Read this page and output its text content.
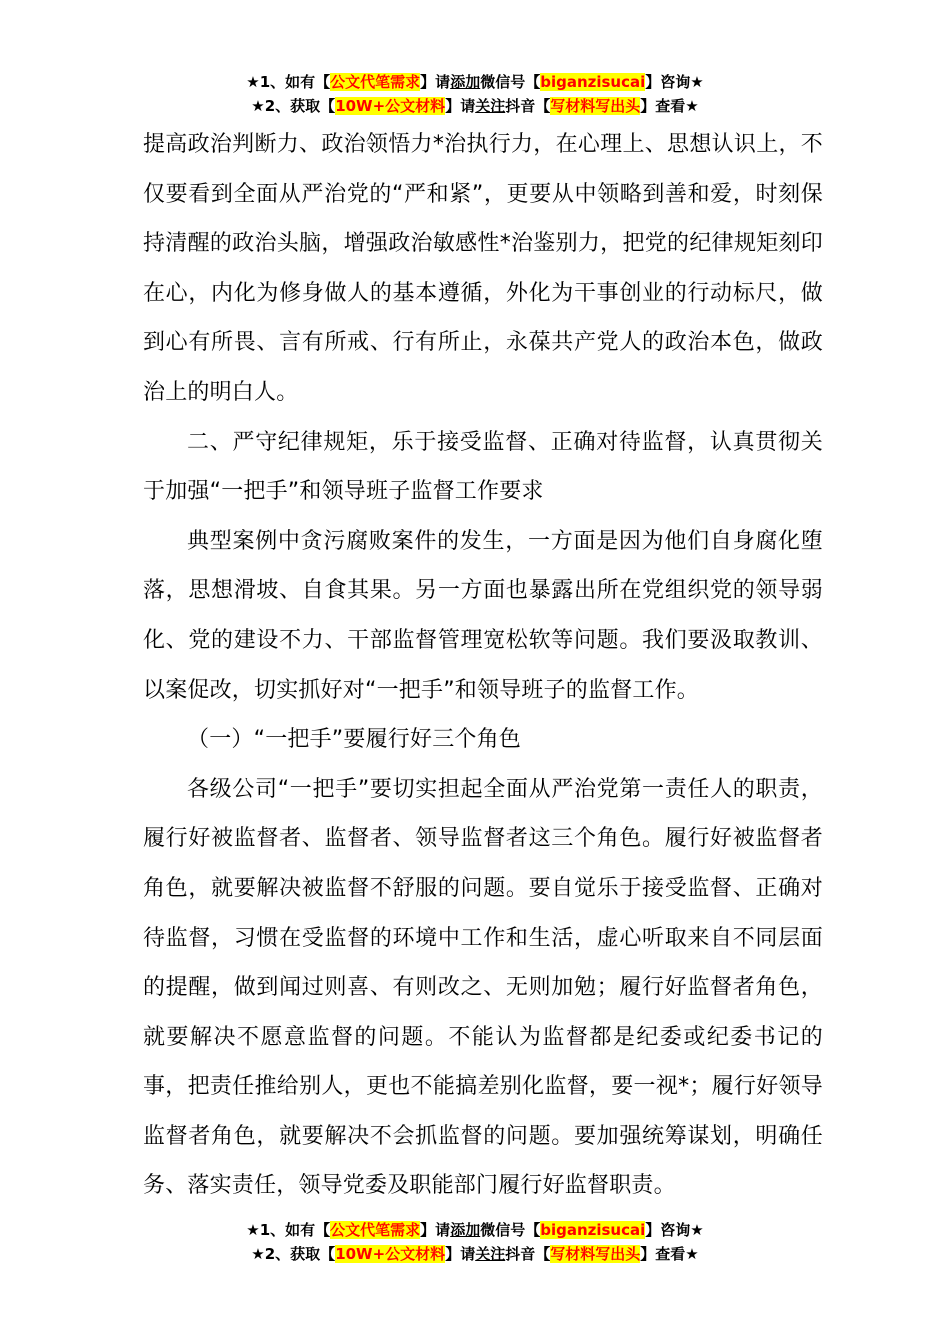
★1、如有【公文代笔需求】请添加微信号【biganzisucai】咨询★
★2、获取【10W+公文材料】请关注抖音【写材料写出头】查看★

提高政治判断力、政治领悟力*治执行力，在心理上、思想认识上，不仅要看到全面从严治党的“严和紧”，更要从中领略到善和爱，时刻保持清醒的政治头脑，增强政治敏感性*治鉴别力，把党的纪律规矩刻印在心，内化为修身做人的基本遵循，外化为干事创业的行动标尺，做到心有所畏、言有所戒、行有所止，永葆共产党人的政治本色，做政治上的明白人。

二、严守纪律规矩，乐于接受监督、正确对待监督，认真贯彻关于加强“一把手”和领导班子监督工作要求

典型案例中贪污腐败案件的发生，一方面是因为他们自身腐化堕落，思想滑坡、自食其果。另一方面也暴露出所在党组织党的领导弱化、党的建设不力、干部监督管理宽松软等问题。我们要汲取教训、以案促改，切实抓好对“一把手”和领导班子的监督工作。

（一）“一把手”要履行好三个角色

各级公司“一把手”要切实担起全面从严治党第一责任人的职责，履行好被监督者、监督者、领导监督者这三个角色。履行好被监督者角色，就要解决被监督不舒服的问题。要自觉乐于接受监督、正确对待监督，习惯在受监督的环境中工作和生活，虚心听取来自不同层面的提醒，做到闻过则喜、有则改之、无则加勉；履行好监督者角色，就要解决不愿意监督的问题。不能认为监督都是纪委或纪委书记的事，把责任推给别人，更也不能搞差别化监督，要一视*；履行好领导监督者角色，就要解决不会抓监督的问题。要加强统筹谋划，明确任务、落实责任，领导党委及职能部门履行好监督职责。

★1、如有【公文代笔需求】请添加微信号【biganzisucai】咨询★
★2、获取【10W+公文材料】请关注抖音【写材料写出头】查看★
